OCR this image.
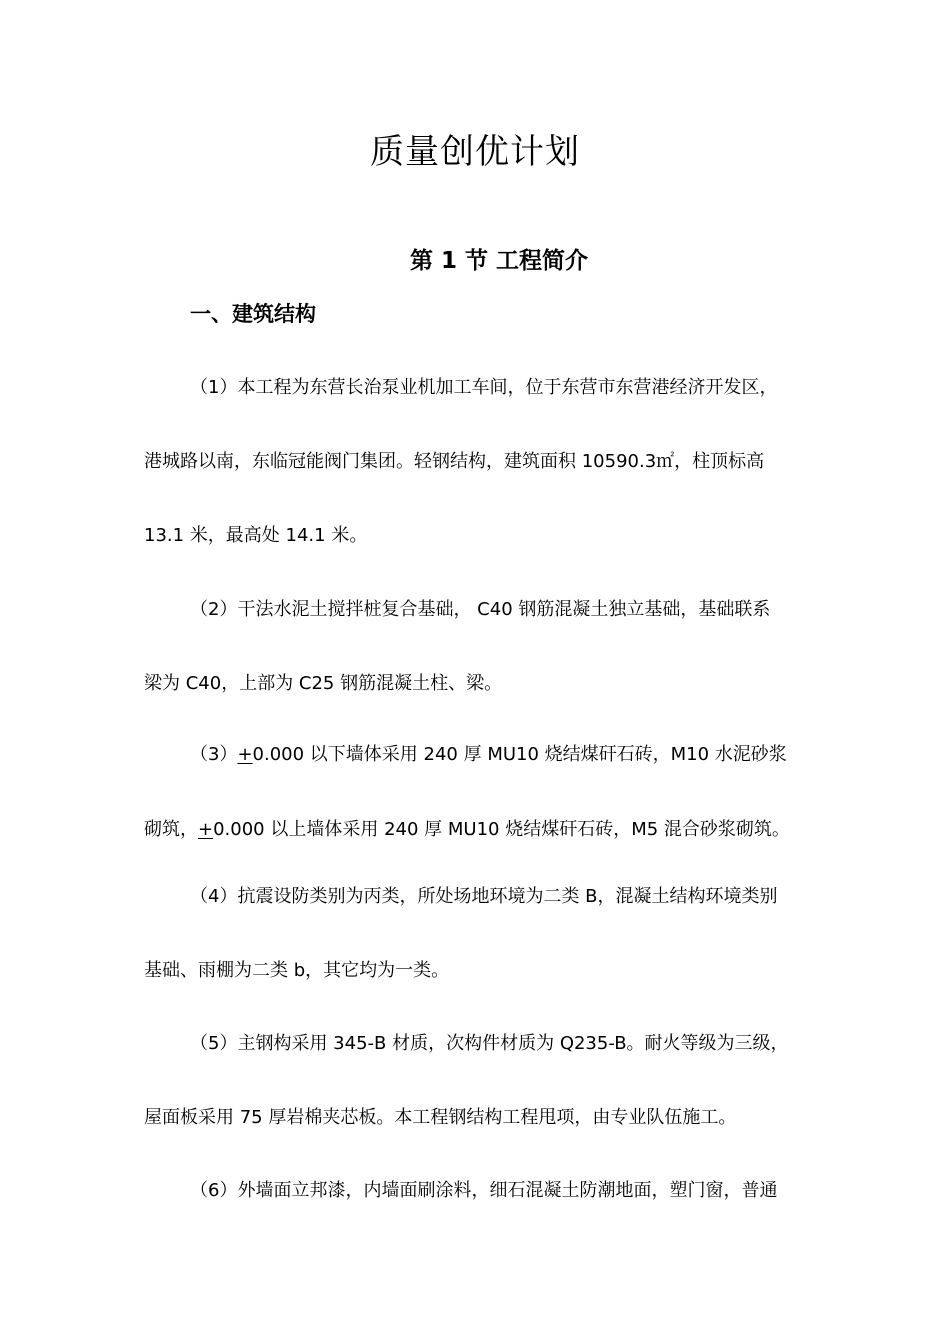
质量创优计划
第 1 节 工程简介
一、建筑结构

（1）本工程为东营长治泵业机加工车间，位于东营市东营港经济开发区，

港城路以南，东临冠能阀门集团。轻钢结构，建筑面积 10590.3㎡，柱顶标高

13.1 米，最高处 14.1 米。

（2）干法水泥土搅拌桩复合基础， C40 钢筋混凝土独立基础，基础联系

梁为 C40，上部为 C25 钢筋混凝土柱、梁。

（3）+0.000 以下墙体采用 240 厚 MU10 烧结煤矸石砖，M10 水泥砂浆

砌筑，+0.000 以上墙体采用 240 厚 MU10 烧结煤矸石砖，M5 混合砂浆砌筑。

（4）抗震设防类别为丙类，所处场地环境为二类 B，混凝土结构环境类别

基础、雨棚为二类 b，其它均为一类。

（5）主钢构采用 345-B 材质，次构件材质为 Q235-B。耐火等级为三级，

屋面板采用 75 厚岩棉夹芯板。本工程钢结构工程甩项，由专业队伍施工。

（6）外墙面立邦漆，内墙面刷涂料，细石混凝土防潮地面，塑门窗，普通
